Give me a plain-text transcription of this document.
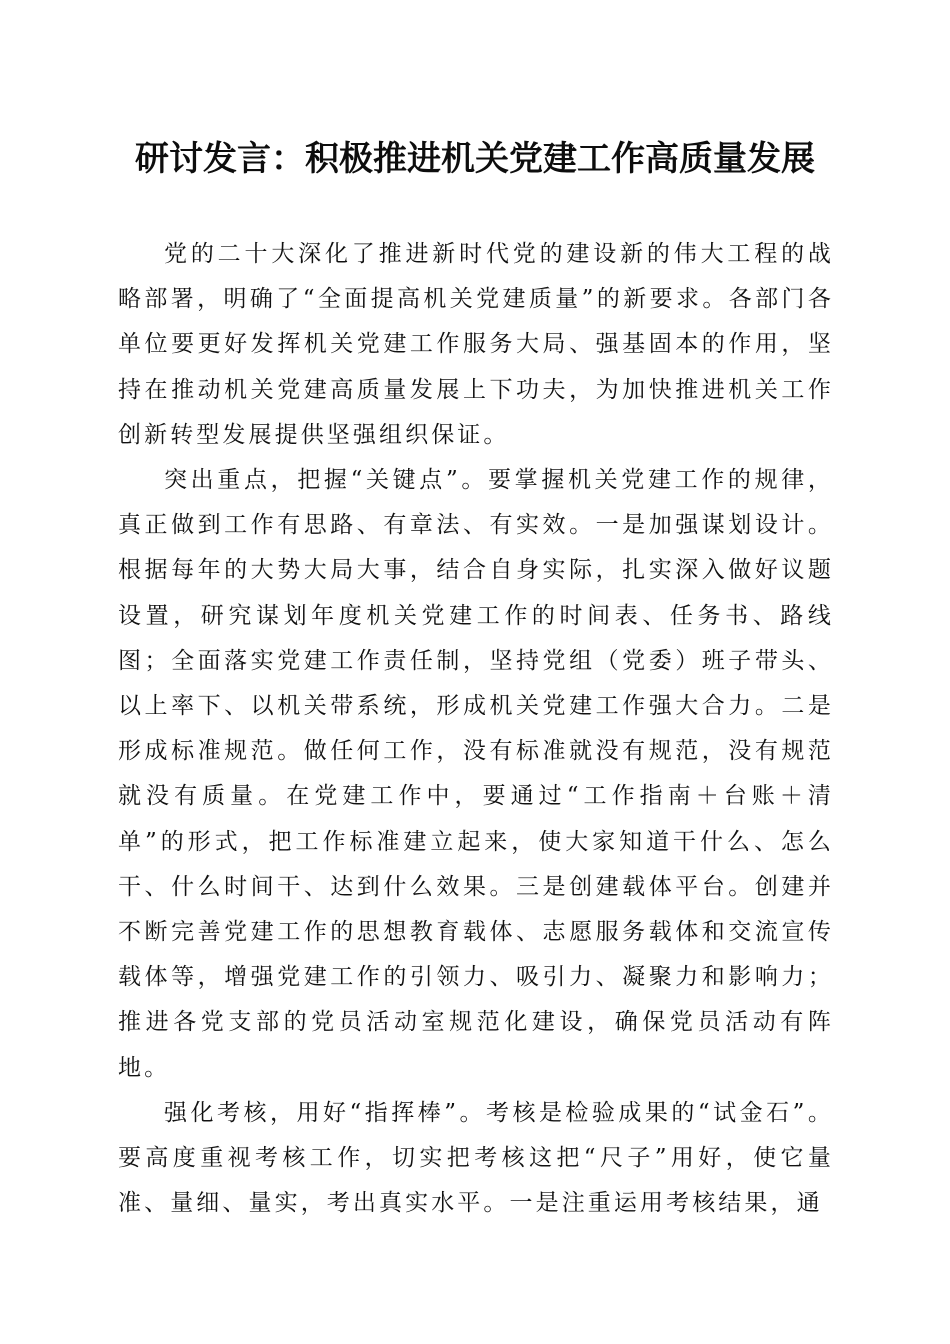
研讨发言：积极推进机关党建工作高质量发展

党的二十大深化了推进新时代党的建设新的伟大工程的战略部署，明确了“全面提高机关党建质量”的新要求。各部门各单位要更好发挥机关党建工作服务大局、强基固本的作用，坚持在推动机关党建高质量发展上下功夫，为加快推进机关工作创新转型发展提供坚强组织保证。

突出重点，把握“关键点”。要掌握机关党建工作的规律，真正做到工作有思路、有章法、有实效。一是加强谋划设计。根据每年的大势大局大事，结合自身实际，扎实深入做好议题设置，研究谋划年度机关党建工作的时间表、任务书、路线图；全面落实党建工作责任制，坚持党组（党委）班子带头、以上率下、以机关带系统，形成机关党建工作强大合力。二是形成标准规范。做任何工作，没有标准就没有规范，没有规范就没有质量。在党建工作中，要通过“工作指南＋台账＋清单”的形式，把工作标准建立起来，使大家知道干什么、怎么干、什么时间干、达到什么效果。三是创建载体平台。创建并不断完善党建工作的思想教育载体、志愿服务载体和交流宣传载体等，增强党建工作的引领力、吸引力、凝聚力和影响力；推进各党支部的党员活动室规范化建设，确保党员活动有阵地。

强化考核，用好“指挥棒”。考核是检验成果的“试金石”。要高度重视考核工作，切实把考核这把“尺子”用好，使它量准、量细、量实，考出真实水平。一是注重运用考核结果，通
